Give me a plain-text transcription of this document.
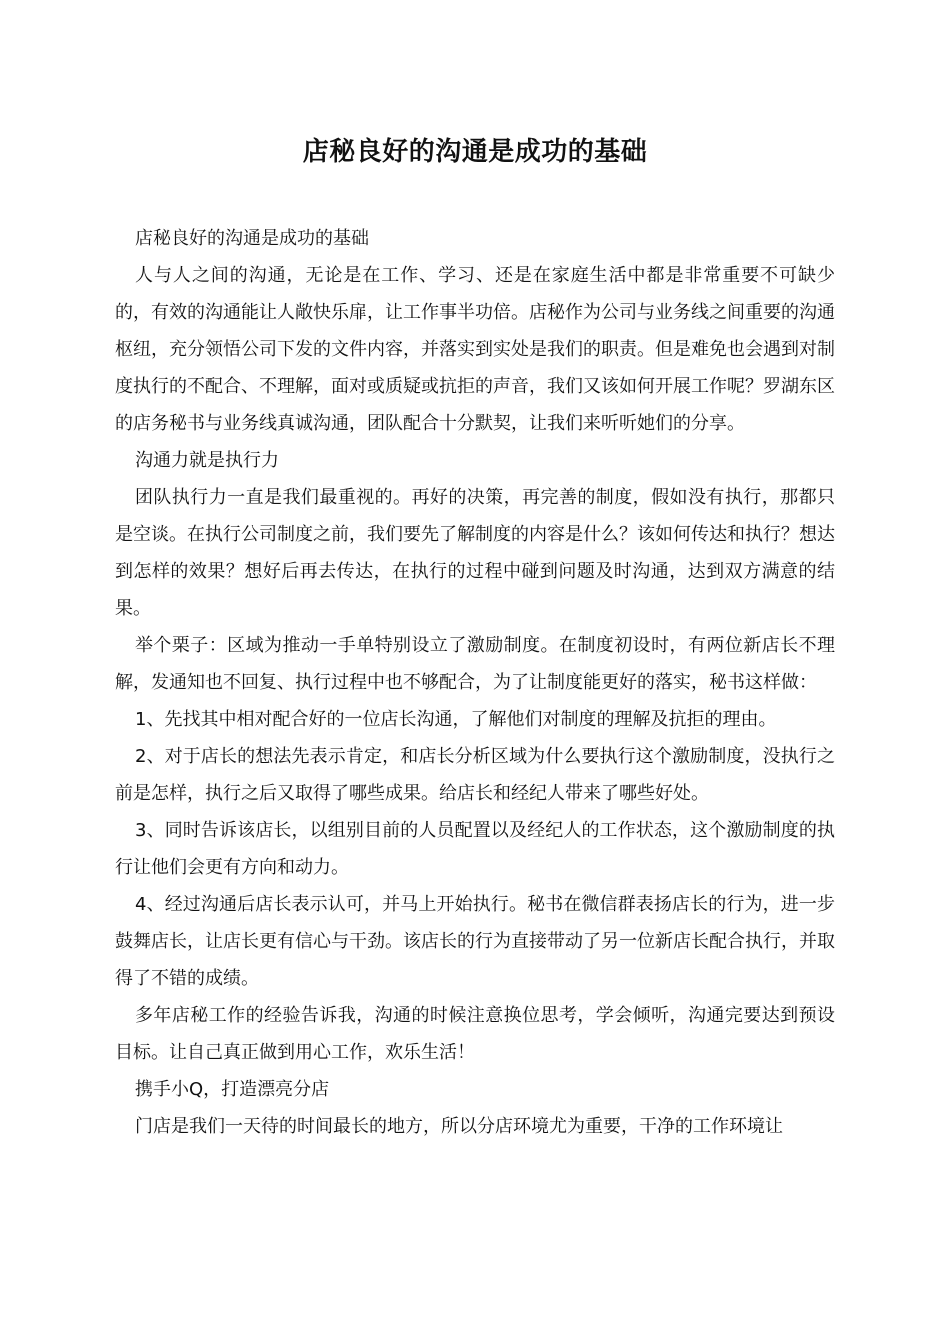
店秘良好的沟通是成功的基础

店秘良好的沟通是成功的基础

人与人之间的沟通，无论是在工作、学习、还是在家庭生活中都是非常重要不可缺少的，有效的沟通能让人敞快乐扉，让工作事半功倍。店秘作为公司与业务线之间重要的沟通枢纽，充分领悟公司下发的文件内容，并落实到实处是我们的职责。但是难免也会遇到对制度执行的不配合、不理解，面对或质疑或抗拒的声音，我们又该如何开展工作呢？罗湖东区的店务秘书与业务线真诚沟通，团队配合十分默契，让我们来听听她们的分享。

沟通力就是执行力

团队执行力一直是我们最重视的。再好的决策，再完善的制度，假如没有执行，那都只是空谈。在执行公司制度之前，我们要先了解制度的内容是什么？该如何传达和执行？想达到怎样的效果？想好后再去传达，在执行的过程中碰到问题及时沟通，达到双方满意的结果。

举个栗子：区域为推动一手单特别设立了激励制度。在制度初设时，有两位新店长不理解，发通知也不回复、执行过程中也不够配合，为了让制度能更好的落实，秘书这样做：

1、先找其中相对配合好的一位店长沟通，了解他们对制度的理解及抗拒的理由。

2、对于店长的想法先表示肯定，和店长分析区域为什么要执行这个激励制度，没执行之前是怎样，执行之后又取得了哪些成果。给店长和经纪人带来了哪些好处。

3、同时告诉该店长，以组别目前的人员配置以及经纪人的工作状态，这个激励制度的执行让他们会更有方向和动力。

4、经过沟通后店长表示认可，并马上开始执行。秘书在微信群表扬店长的行为，进一步鼓舞店长，让店长更有信心与干劲。该店长的行为直接带动了另一位新店长配合执行，并取得了不错的成绩。

多年店秘工作的经验告诉我，沟通的时候注意换位思考，学会倾听，沟通完要达到预设目标。让自己真正做到用心工作，欢乐生活！

携手小Q，打造漂亮分店

门店是我们一天待的时间最长的地方，所以分店环境尤为重要，干净的工作环境让
